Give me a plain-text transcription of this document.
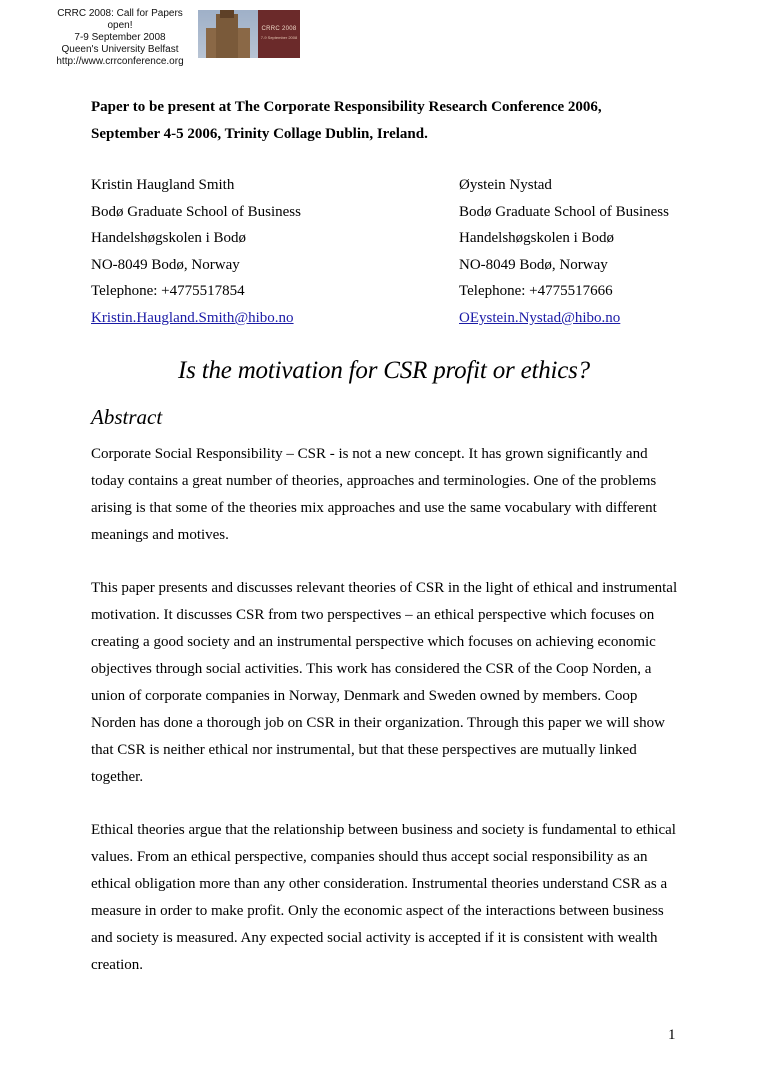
CRRC 2008: Call for Papers open!
7-9 September 2008
Queen's University Belfast
http://www.crrconference.org
CRRC 2008
7-9 September 2008
Paper to be present at The Corporate Responsibility Research Conference 2006,
September 4-5 2006, Trinity Collage Dublin, Ireland.
Kristin Haugland Smith
Bodø Graduate School of Business
Handelshøgskolen i Bodø
NO-8049 Bodø, Norway
Telephone: +4775517854
Kristin.Haugland.Smith@hibo.no
Øystein Nystad
Bodø Graduate School of Business
Handelshøgskolen i Bodø
NO-8049 Bodø, Norway
Telephone: +4775517666
OEystein.Nystad@hibo.no
Is the motivation for CSR profit or ethics?
Abstract
Corporate Social Responsibility – CSR - is not a new concept. It has grown significantly and today contains a great number of theories, approaches and terminologies. One of the problems arising is that some of the theories mix approaches and use the same vocabulary with different meanings and motives.
This paper presents and discusses relevant theories of CSR in the light of ethical and instrumental motivation. It discusses CSR from two perspectives – an ethical perspective which focuses on creating a good society and an instrumental perspective which focuses on achieving economic objectives through social activities. This work has considered the CSR of the Coop Norden, a union of corporate companies in Norway, Denmark and Sweden owned by members. Coop Norden has done a thorough job on CSR in their organization. Through this paper we will show that CSR is neither ethical nor instrumental, but that these perspectives are mutually linked together.
Ethical theories argue that the relationship between business and society is fundamental to ethical values. From an ethical perspective, companies should thus accept social responsibility as an ethical obligation more than any other consideration. Instrumental theories understand CSR as a measure in order to make profit. Only the economic aspect of the interactions between business and society is measured. Any expected social activity is accepted if it is consistent with wealth creation.
1
